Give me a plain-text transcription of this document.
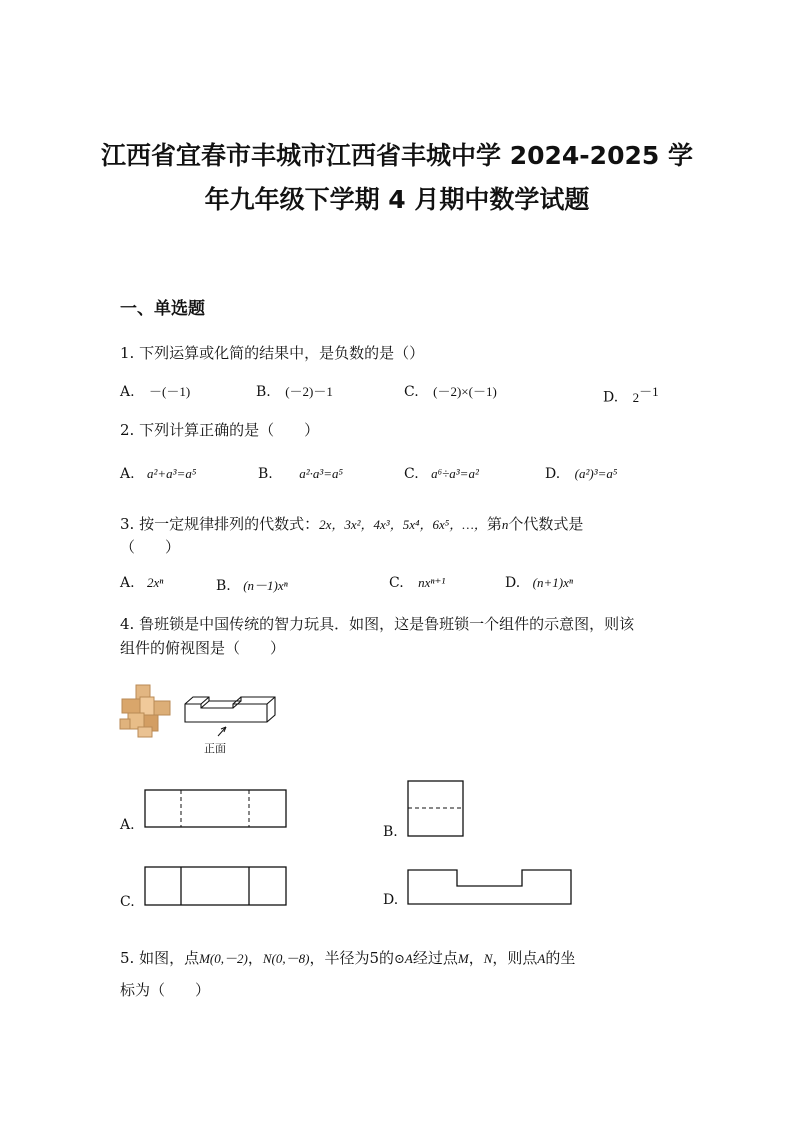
江西省宜春市丰城市江西省丰城中学 2024-2025 学
年九年级下学期 4 月期中数学试题
一、单选题
1. 下列运算或化简的结果中，是负数的是（）
A. －(－1)	B. (－2)－1	C. (－2)×(－1)	D. $2^{-1}$
2. 下列计算正确的是（　　）
A. a²+a³=a⁵	B. a²·a³=a⁵	C. a⁶÷a³=a²	D. (a²)³=a⁵
3. 按一定规律排列的代数式：2x，3x²，4x³，5x⁴，6x⁵，…，第n个代数式是
（　　）
A. 2xⁿ	B. (n－1)xⁿ	C. nxⁿ⁺¹	D. (n+1)xⁿ
4. 鲁班锁是中国传统的智力玩具．如图，这是鲁班锁一个组件的示意图，则该
组件的俯视图是（　　）
正面
A.	B.
C.	D.
5. 如图，点M(0,－2)，N(0,－8)，半径为5的⊙A经过点M，N，则点A的坐
标为（　　）
